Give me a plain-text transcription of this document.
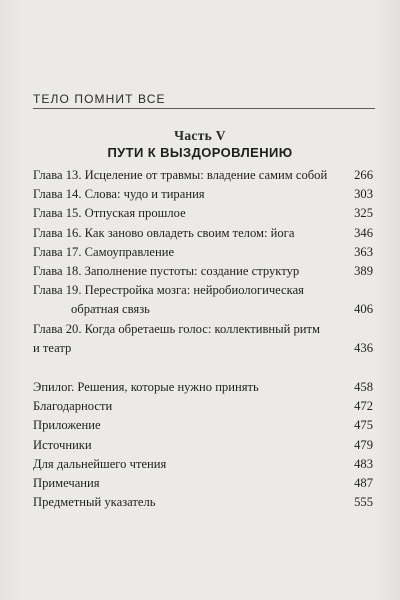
ТЕЛО ПОМНИТ ВСЕ
Часть V
ПУТИ К ВЫЗДОРОВЛЕНИЮ
Глава 13. Исцеление от травмы: владение самим собой	266
Глава 14. Слова: чудо и тирания	303
Глава 15. Отпуская прошлое	325
Глава 16. Как заново овладеть своим телом: йога	346
Глава 17. Самоуправление	363
Глава 18. Заполнение пустоты: создание структур	389
Глава 19. Перестройка мозга: нейробиологическая
обратная связь	406
Глава 20. Когда обретаешь голос: коллективный ритм
и театр	436
Эпилог. Решения, которые нужно принять	458
Благодарности	472
Приложение	475
Источники	479
Для дальнейшего чтения	483
Примечания	487
Предметный указатель	555
